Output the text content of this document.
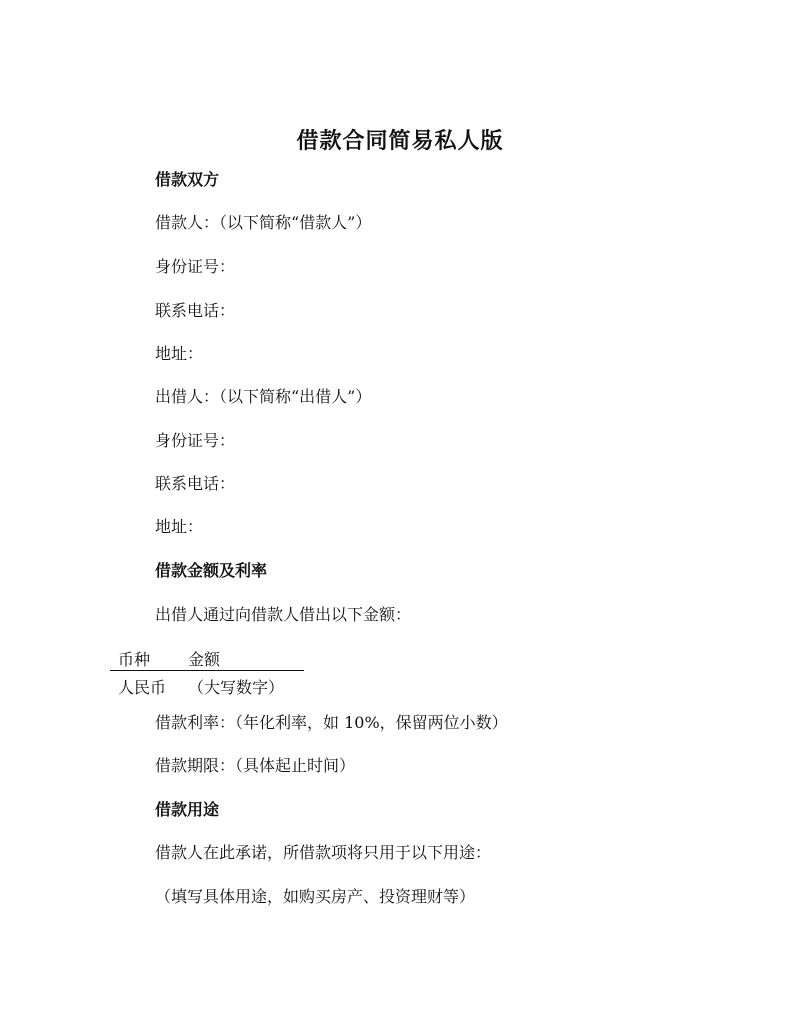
借款合同简易私人版
借款双方
借款人：（以下简称“借款人”）
身份证号：
联系电话：
地址：
出借人：（以下简称“出借人”）
身份证号：
联系电话：
地址：
借款金额及利率
出借人通过向借款人借出以下金额：
币种 金额
人民币 （大写数字）
借款利率：（年化利率，如 10%，保留两位小数）
借款期限：（具体起止时间）
借款用途
借款人在此承诺，所借款项将只用于以下用途：
（填写具体用途，如购买房产、投资理财等）
